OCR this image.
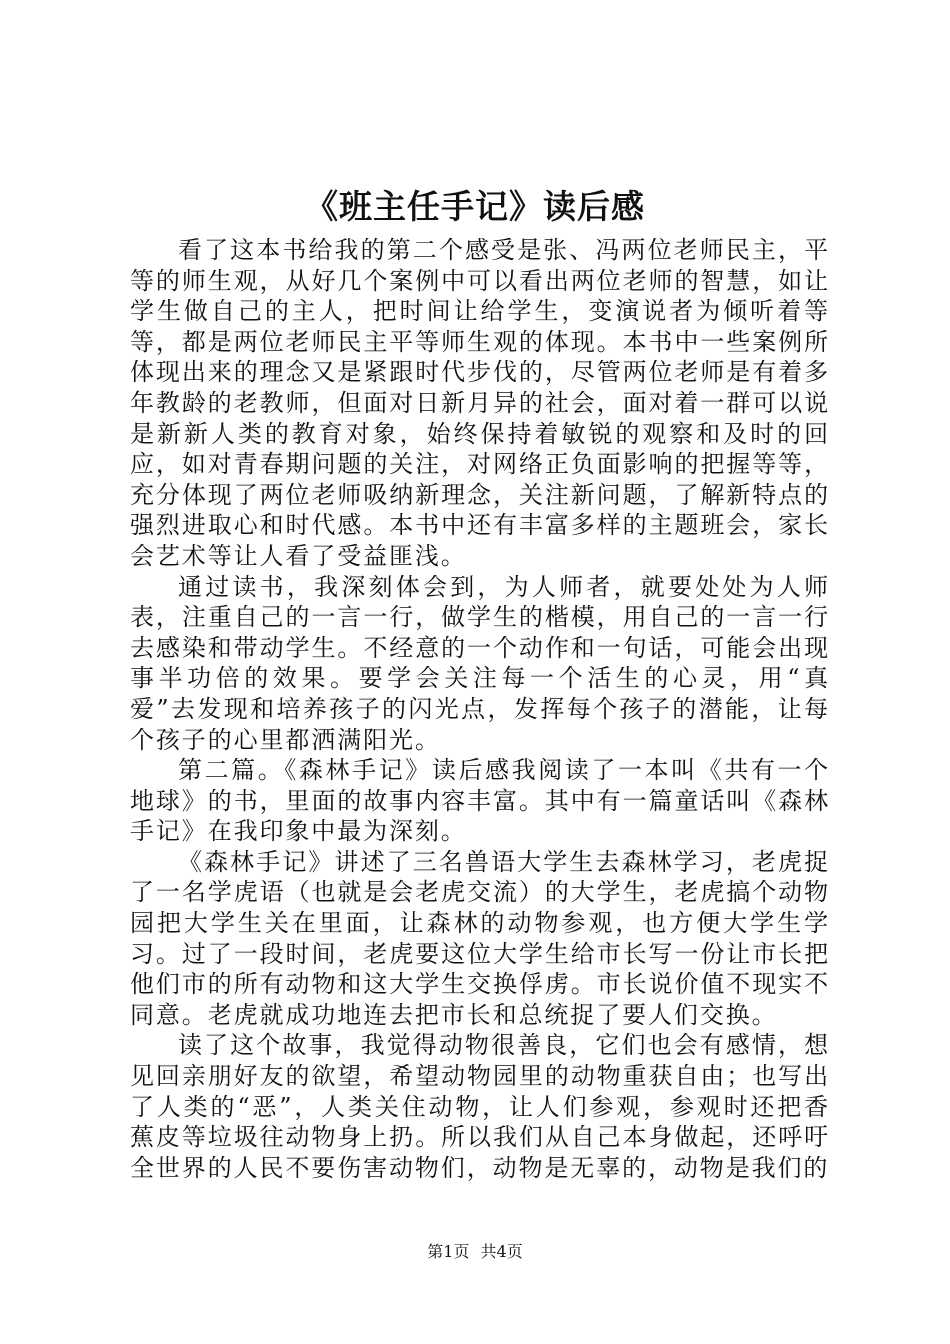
《班主任手记》读后感

看了这本书给我的第二个感受是张、冯两位老师民主，平等的师生观，从好几个案例中可以看出两位老师的智慧，如让学生做自己的主人，把时间让给学生，变演说者为倾听着等等，都是两位老师民主平等师生观的体现。本书中一些案例所体现出来的理念又是紧跟时代步伐的，尽管两位老师是有着多年教龄的老教师，但面对日新月异的社会，面对着一群可以说是新新人类的教育对象，始终保持着敏锐的观察和及时的回应，如对青春期问题的关注，对网络正负面影响的把握等等，充分体现了两位老师吸纳新理念，关注新问题，了解新特点的强烈进取心和时代感。本书中还有丰富多样的主题班会，家长会艺术等让人看了受益匪浅。

通过读书，我深刻体会到，为人师者，就要处处为人师表，注重自己的一言一行，做学生的楷模，用自己的一言一行去感染和带动学生。不经意的一个动作和一句话，可能会出现事半功倍的效果。要学会关注每一个活生的心灵，用“真爱”去发现和培养孩子的闪光点，发挥每个孩子的潜能，让每个孩子的心里都洒满阳光。

第二篇。《森林手记》读后感我阅读了一本叫《共有一个地球》的书，里面的故事内容丰富。其中有一篇童话叫《森林手记》在我印象中最为深刻。

《森林手记》讲述了三名兽语大学生去森林学习，老虎捉了一名学虎语（也就是会老虎交流）的大学生，老虎搞个动物园把大学生关在里面，让森林的动物参观，也方便大学生学习。过了一段时间，老虎要这位大学生给市长写一份让市长把他们市的所有动物和这大学生交换俘虏。市长说价值不现实不同意。老虎就成功地连去把市长和总统捉了要人们交换。

读了这个故事，我觉得动物很善良，它们也会有感情，想见回亲朋好友的欲望，希望动物园里的动物重获自由；也写出了人类的“恶”，人类关住动物，让人们参观，参观时还把香蕉皮等垃圾往动物身上扔。所以我们从自己本身做起，还呼吁全世界的人民不要伤害动物们，动物是无辜的，动物是我们的

第1页 共4页
